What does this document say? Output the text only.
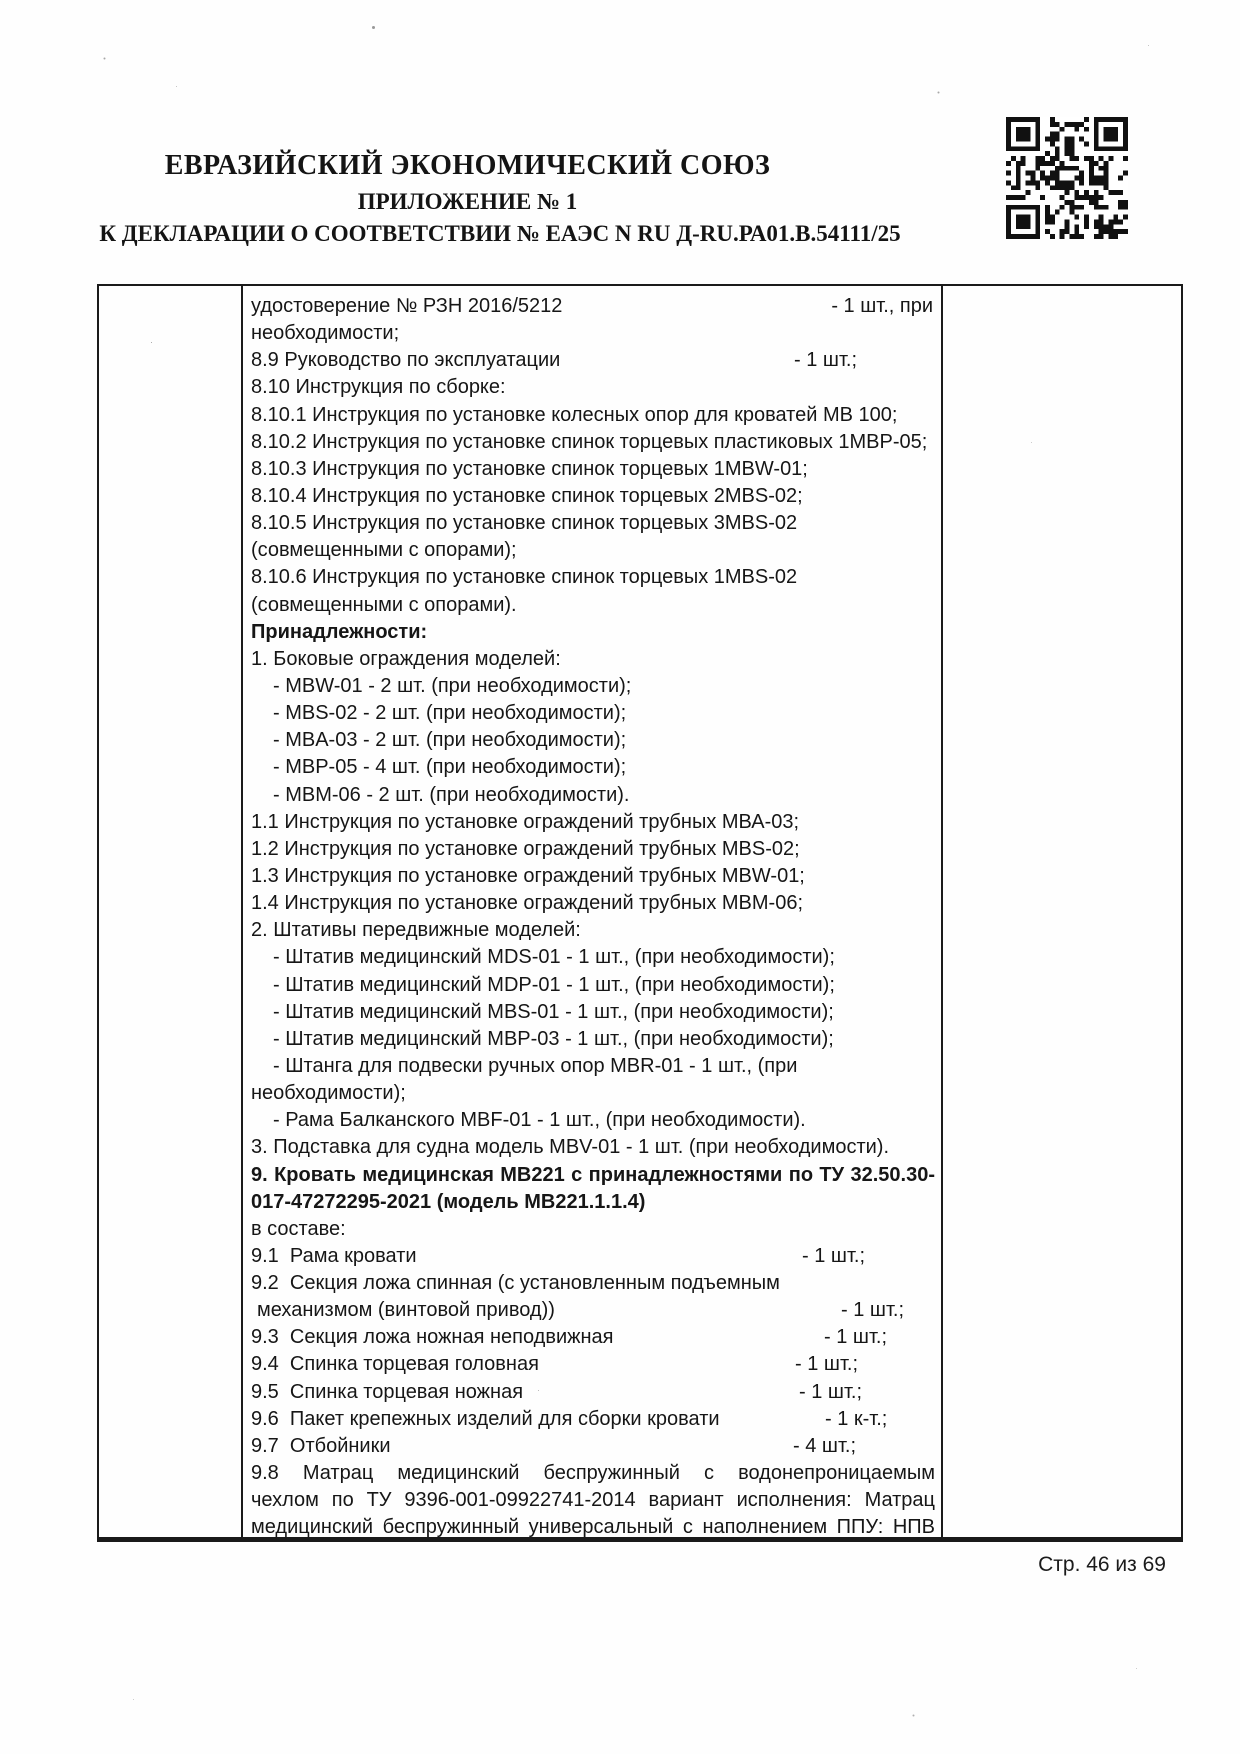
ЕВРАЗИЙСКИЙ ЭКОНОМИЧЕСКИЙ СОЮЗ
ПРИЛОЖЕНИЕ № 1
К ДЕКЛАРАЦИИ О СООТВЕТСТВИИ № ЕАЭС N RU Д-RU.РА01.В.54111/25
удостоверение № РЗН 2016/5212	- 1 шт., при
необходимости;
8.9 Руководство по эксплуатации	- 1 шт.;
8.10 Инструкция по сборке:
8.10.1 Инструкция по установке колесных опор для кроватей МВ 100;
8.10.2 Инструкция по установке спинок торцевых пластиковых 1МВР-05;
8.10.3 Инструкция по установке спинок торцевых 1MBW-01;
8.10.4 Инструкция по установке спинок торцевых 2MBS-02;
8.10.5 Инструкция по установке спинок торцевых 3MBS-02
(совмещенными с опорами);
8.10.6 Инструкция по установке спинок торцевых 1MBS-02
(совмещенными с опорами).
Принадлежности:
1. Боковые ограждения моделей:
- MBW-01 - 2 шт. (при необходимости);
- MBS-02 - 2 шт. (при необходимости);
- MBA-03 - 2 шт. (при необходимости);
- MBP-05 - 4 шт. (при необходимости);
- MBM-06 - 2 шт. (при необходимости).
1.1 Инструкция по установке ограждений трубных МВА-03;
1.2 Инструкция по установке ограждений трубных MBS-02;
1.3 Инструкция по установке ограждений трубных MBW-01;
1.4 Инструкция по установке ограждений трубных МВМ-06;
2. Штативы передвижные моделей:
- Штатив медицинский MDS-01 - 1 шт., (при необходимости);
- Штатив медицинский MDP-01 - 1 шт., (при необходимости);
- Штатив медицинский MBS-01 - 1 шт., (при необходимости);
- Штатив медицинский МВР-03 - 1 шт., (при необходимости);
- Штанга для подвески ручных опор MBR-01 - 1 шт., (при
необходимости);
- Рама Балканского MBF-01 - 1 шт., (при необходимости).
3. Подставка для судна модель MBV-01 - 1 шт. (при необходимости).
9. Кровать медицинская МВ221 с принадлежностями по ТУ 32.50.30-
017-47272295-2021 (модель МВ221.1.1.4)
в составе:
9.1  Рама кровати	- 1 шт.;
9.2  Секция ложа спинная (с установленным подъемным
механизмом (винтовой привод))	- 1 шт.;
9.3  Секция ложа ножная неподвижная	- 1 шт.;
9.4  Спинка торцевая головная	- 1 шт.;
9.5  Спинка торцевая ножная	- 1 шт.;
9.6  Пакет крепежных изделий для сборки кровати	- 1 к-т.;
9.7  Отбойники	- 4 шт.;
9.8 Матрац медицинский беспружинный с водонепроницаемым
чехлом по ТУ 9396-001-09922741-2014 вариант исполнения: Матрац
медицинский беспружинный универсальный с наполнением ППУ: НПВ
Стр. 46 из 69
